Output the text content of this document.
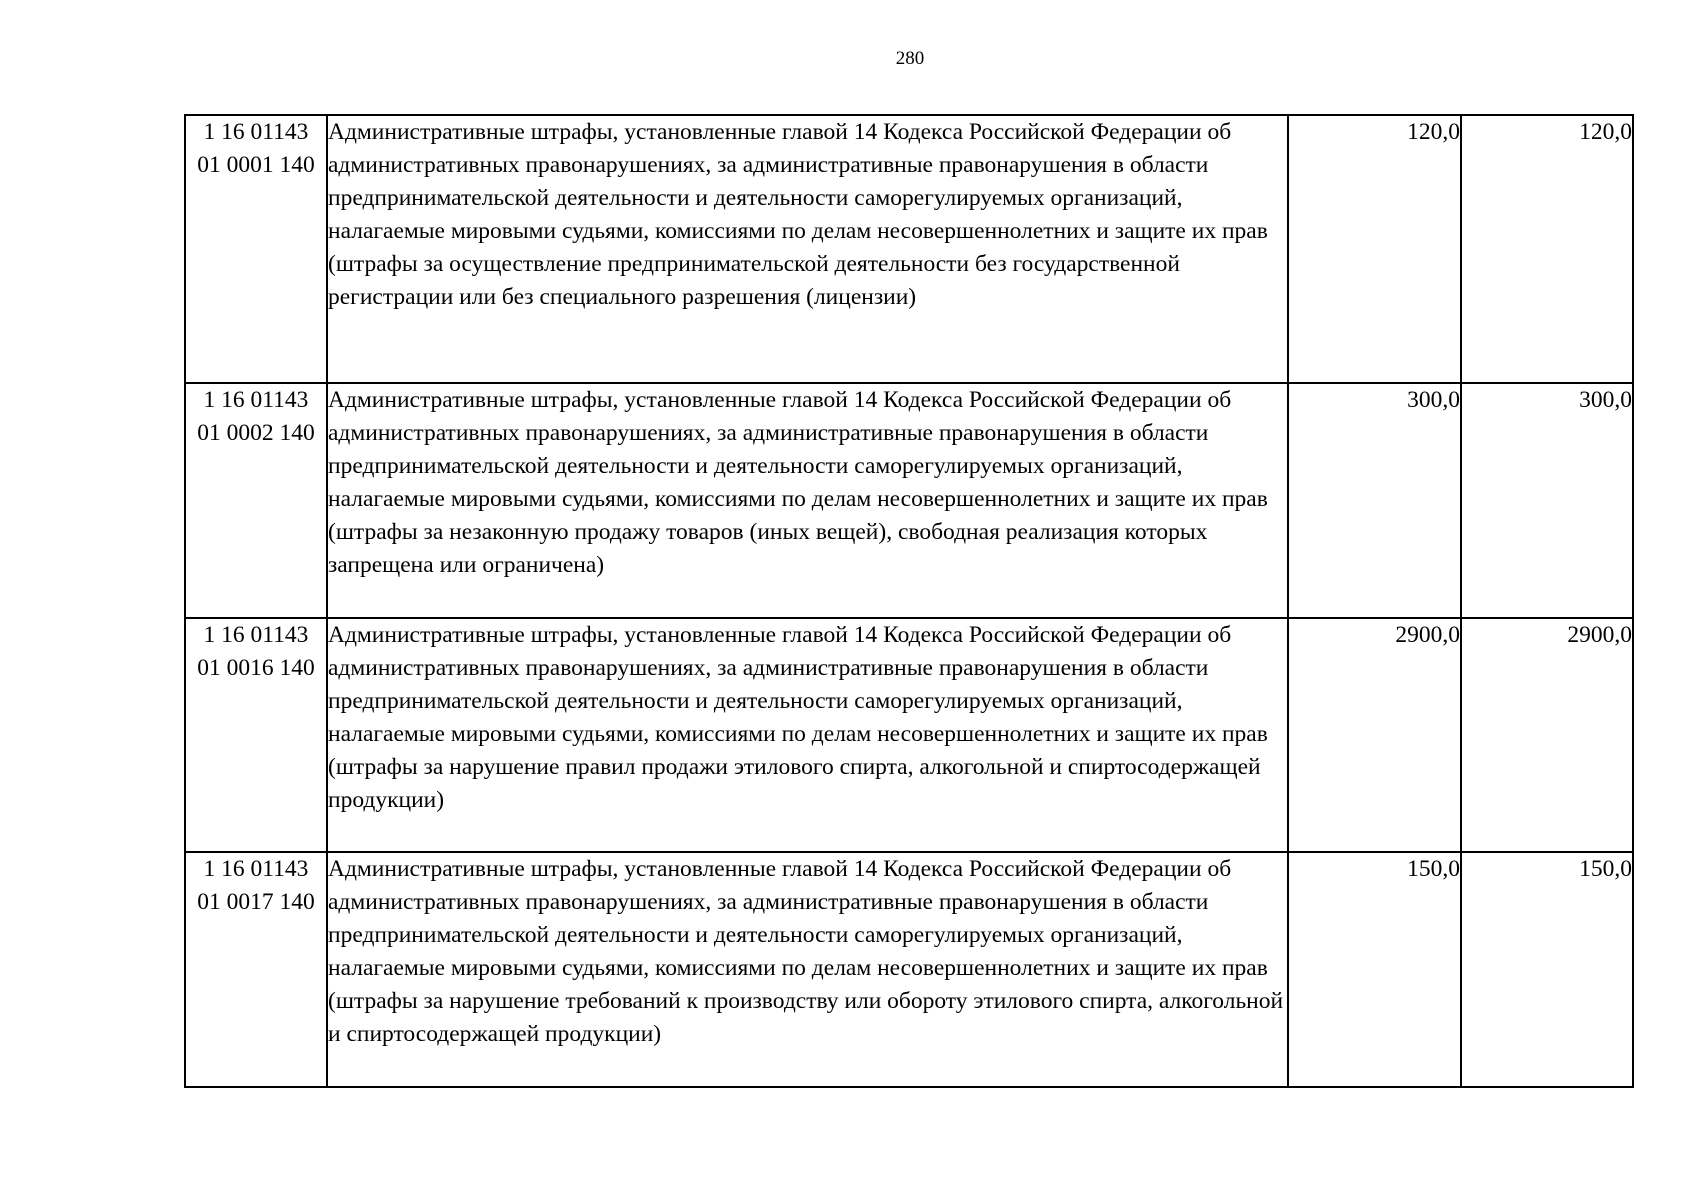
280
1 16 01143
01 0001 140	Административные штрафы, установленные главой 14 Кодекса Российской Федерации об административных правонарушениях, за административные правонарушения в области предпринимательской деятельности и деятельности саморегулируемых организаций, налагаемые мировыми судьями, комиссиями по делам несовершеннолетних и защите их прав (штрафы за осуществление предпринимательской деятельности без государственной регистрации или без специального разрешения (лицензии)	120,0	120,0
1 16 01143
01 0002 140	Административные штрафы, установленные главой 14 Кодекса Российской Федерации об административных правонарушениях, за административные правонарушения в области предпринимательской деятельности и деятельности саморегулируемых организаций, налагаемые мировыми судьями, комиссиями по делам несовершеннолетних и защите их прав (штрафы за незаконную продажу товаров (иных вещей), свободная реализация которых запрещена или ограничена)	300,0	300,0
1 16 01143
01 0016 140	Административные штрафы, установленные главой 14 Кодекса Российской Федерации об административных правонарушениях, за административные правонарушения в области предпринимательской деятельности и деятельности саморегулируемых организаций, налагаемые мировыми судьями, комиссиями по делам несовершеннолетних и защите их прав (штрафы за нарушение правил продажи этилового спирта, алкогольной и спиртосодержащей продукции)	2900,0	2900,0
1 16 01143
01 0017 140	Административные штрафы, установленные главой 14 Кодекса Российской Федерации об административных правонарушениях, за административные правонарушения в области предпринимательской деятельности и деятельности саморегулируемых организаций, налагаемые мировыми судьями, комиссиями по делам несовершеннолетних и защите их прав (штрафы за нарушение требований к производству или обороту этилового спирта, алкогольной и спиртосодержащей продукции)	150,0	150,0
